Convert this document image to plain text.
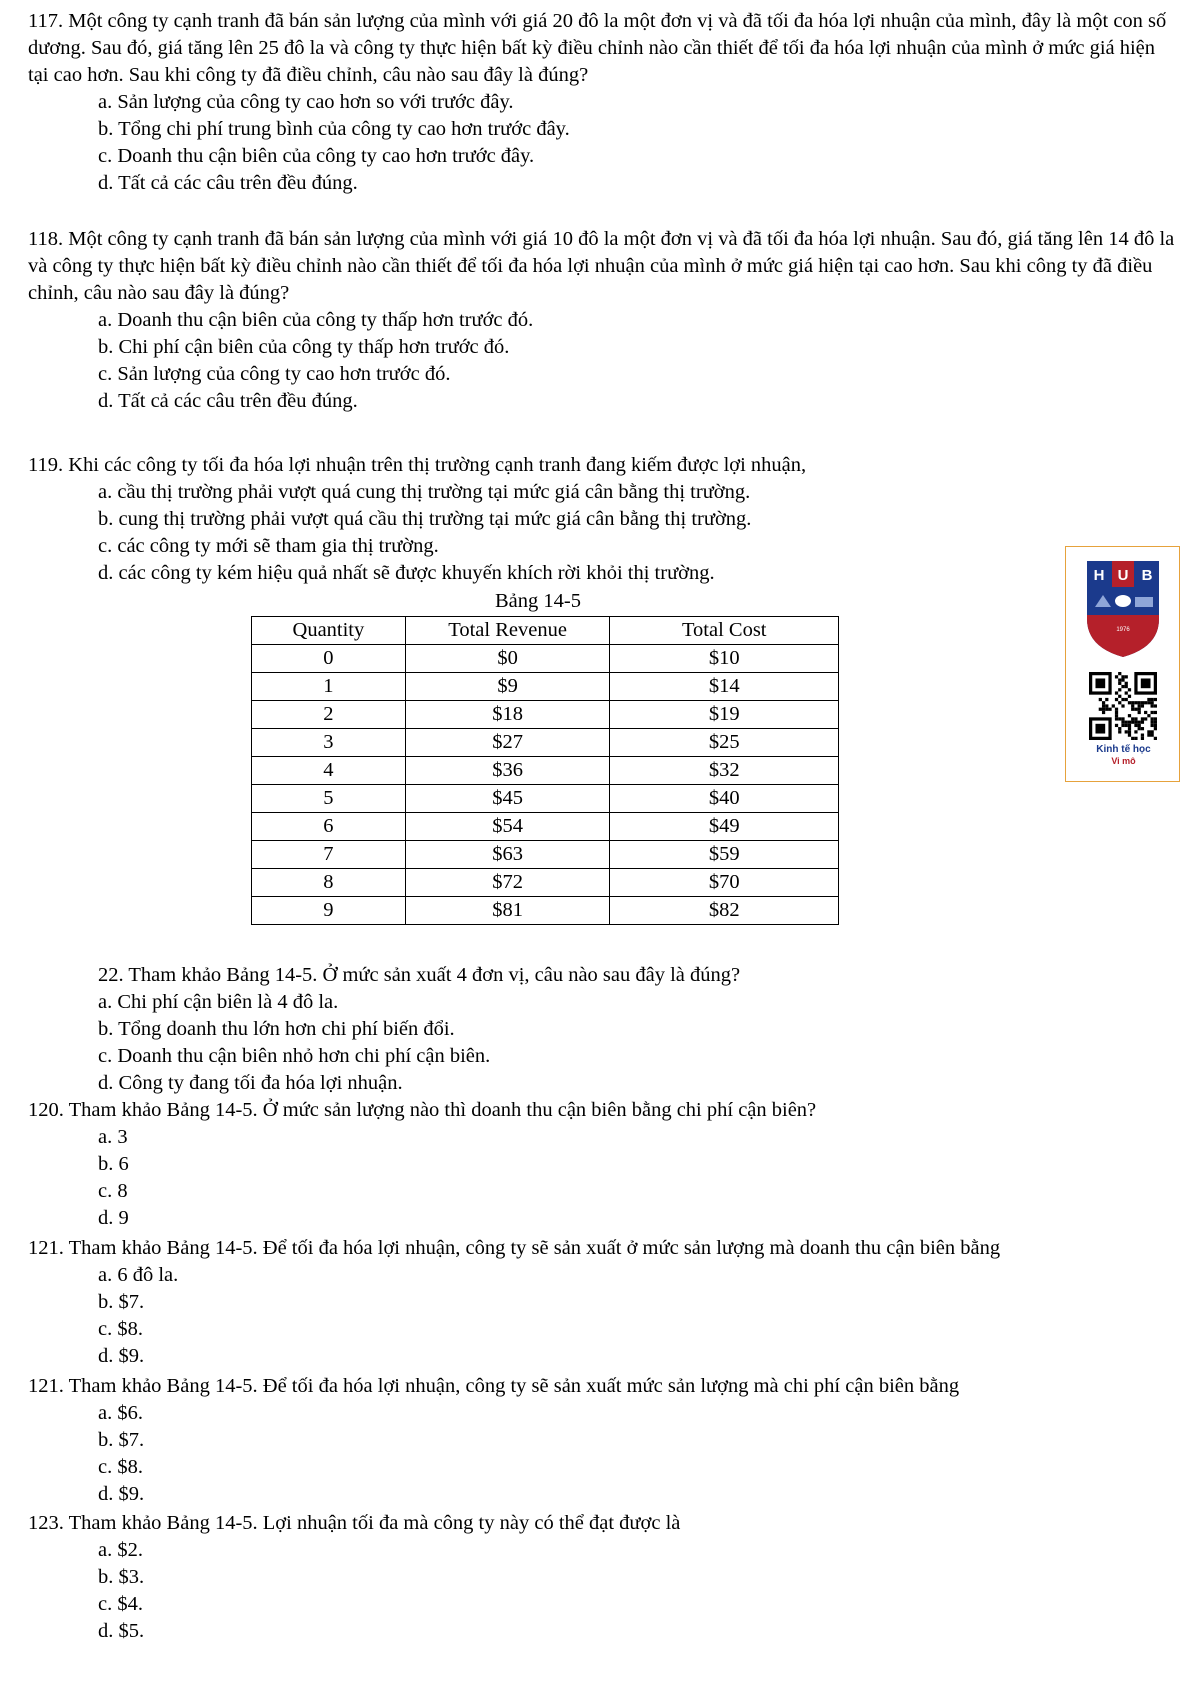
117. Một công ty cạnh tranh đã bán sản lượng của mình với giá 20 đô la một đơn vị và đã tối đa hóa lợi nhuận của mình, đây là một con số dương. Sau đó, giá tăng lên 25 đô la và công ty thực hiện bất kỳ điều chỉnh nào cần thiết để tối đa hóa lợi nhuận của mình ở mức giá hiện tại cao hơn. Sau khi công ty đã điều chỉnh, câu nào sau đây là đúng?

a. Sản lượng của công ty cao hơn so với trước đây.

b. Tổng chi phí trung bình của công ty cao hơn trước đây.

c. Doanh thu cận biên của công ty cao hơn trước đây.

d. Tất cả các câu trên đều đúng.

118. Một công ty cạnh tranh đã bán sản lượng của mình với giá 10 đô la một đơn vị và đã tối đa hóa lợi nhuận. Sau đó, giá tăng lên 14 đô la và công ty thực hiện bất kỳ điều chỉnh nào cần thiết để tối đa hóa lợi nhuận của mình ở mức giá hiện tại cao hơn. Sau khi công ty đã điều chỉnh, câu nào sau đây là đúng?

a. Doanh thu cận biên của công ty thấp hơn trước đó.

b. Chi phí cận biên của công ty thấp hơn trước đó.

c. Sản lượng của công ty cao hơn trước đó.

d. Tất cả các câu trên đều đúng.

119. Khi các công ty tối đa hóa lợi nhuận trên thị trường cạnh tranh đang kiếm được lợi nhuận,

a. cầu thị trường phải vượt quá cung thị trường tại mức giá cân bằng thị trường.

b. cung thị trường phải vượt quá cầu thị trường tại mức giá cân bằng thị trường.

c. các công ty mới sẽ tham gia thị trường.

d. các công ty kém hiệu quả nhất sẽ được khuyến khích rời khỏi thị trường.

Bảng 14-5
Quantity	Total Revenue	Total Cost
0	$0	$10
1	$9	$14
2	$18	$19
3	$27	$25
4	$36	$32
5	$45	$40
6	$54	$49
7	$63	$59
8	$72	$70
9	$81	$82

22. Tham khảo Bảng 14-5. Ở mức sản xuất 4 đơn vị, câu nào sau đây là đúng?

a. Chi phí cận biên là 4 đô la.

b. Tổng doanh thu lớn hơn chi phí biến đổi.

c. Doanh thu cận biên nhỏ hơn chi phí cận biên.

d. Công ty đang tối đa hóa lợi nhuận.

120. Tham khảo Bảng 14-5. Ở mức sản lượng nào thì doanh thu cận biên bằng chi phí cận biên?

a. 3

b. 6

c. 8

d. 9

121. Tham khảo Bảng 14-5. Để tối đa hóa lợi nhuận, công ty sẽ sản xuất ở mức sản lượng mà doanh thu cận biên bằng

a. 6 đô la.

b. $7.

c. $8.

d. $9.

121. Tham khảo Bảng 14-5. Để tối đa hóa lợi nhuận, công ty sẽ sản xuất mức sản lượng mà chi phí cận biên bằng

a. $6.

b. $7.

c. $8.

d. $9.

123. Tham khảo Bảng 14-5. Lợi nhuận tối đa mà công ty này có thể đạt được là

a. $2.

b. $3.

c. $4.

d. $5.

H U B
1976
Kinh tế học
Vi mô
